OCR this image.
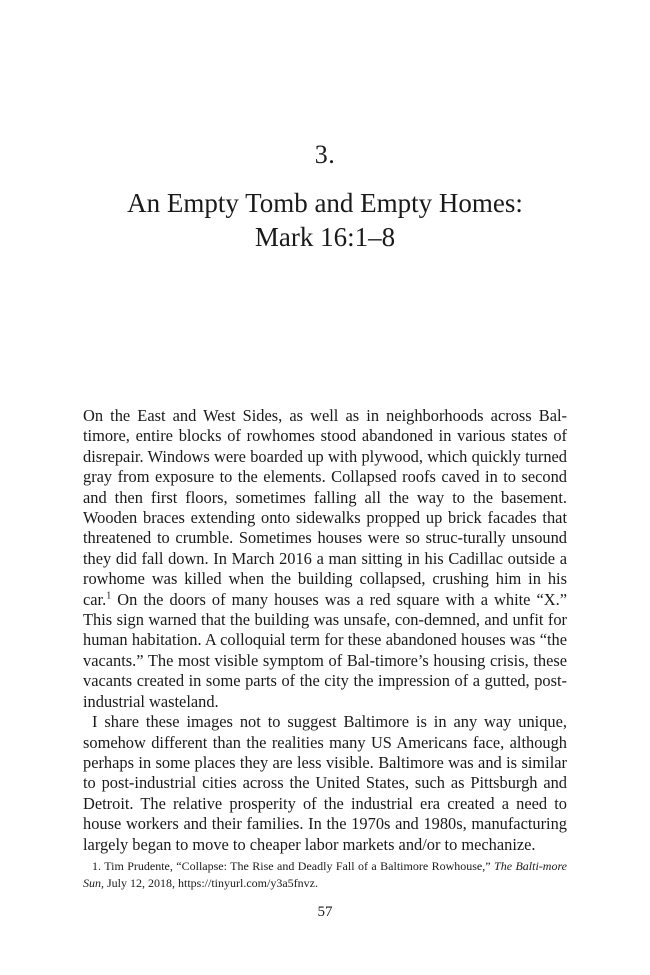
3.
An Empty Tomb and Empty Homes:
Mark 16:1–8

On the East and West Sides, as well as in neighborhoods across Bal-timore, entire blocks of rowhomes stood abandoned in various states of disrepair. Windows were boarded up with plywood, which quickly turned gray from exposure to the elements. Collapsed roofs caved in to second and then first floors, sometimes falling all the way to the basement. Wooden braces extending onto sidewalks propped up brick facades that threatened to crumble. Sometimes houses were so struc-turally unsound they did fall down. In March 2016 a man sitting in his Cadillac outside a rowhome was killed when the building collapsed, crushing him in his car.$^1$ On the doors of many houses was a red square with a white “X.” This sign warned that the building was unsafe, con-demned, and unfit for human habitation. A colloquial term for these abandoned houses was “the vacants.” The most visible symptom of Bal-timore’s housing crisis, these vacants created in some parts of the city the impression of a gutted, post-industrial wasteland.

I share these images not to suggest Baltimore is in any way unique, somehow different than the realities many US Americans face, although perhaps in some places they are less visible. Baltimore was and is similar to post-industrial cities across the United States, such as Pittsburgh and Detroit. The relative prosperity of the industrial era created a need to house workers and their families. In the 1970s and 1980s, manufacturing largely began to move to cheaper labor markets and/or to mechanize.

1. Tim Prudente, “Collapse: The Rise and Deadly Fall of a Baltimore Rowhouse,” The Balti-more Sun, July 12, 2018, https://tinyurl.com/y3a5fnvz.
57
